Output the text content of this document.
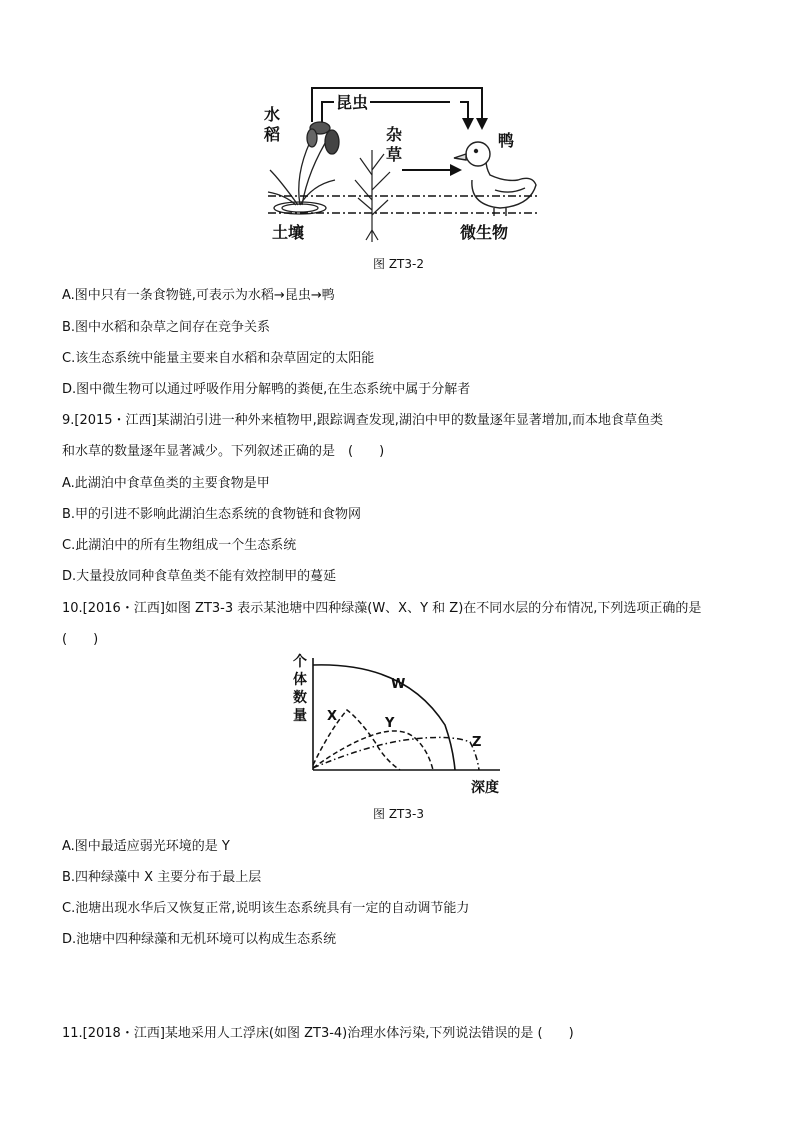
昆虫
水
稻	杂
草
鸭
土壤	微生物
图 ZT3-2
A.图中只有一条食物链,可表示为水稻→昆虫→鸭
B.图中水稻和杂草之间存在竞争关系
C.该生态系统中能量主要来自水稻和杂草固定的太阳能
D.图中微生物可以通过呼吸作用分解鸭的粪便,在生态系统中属于分解者
9.[2015・江西]某湖泊引进一种外来植物甲,跟踪调查发现,湖泊中甲的数量逐年显著增加,而本地食草鱼类
和水草的数量逐年显著减少。下列叙述正确的是　(　　)
A.此湖泊中食草鱼类的主要食物是甲
B.甲的引进不影响此湖泊生态系统的食物链和食物网
C.此湖泊中的所有生物组成一个生态系统
D.大量投放同种食草鱼类不能有效控制甲的蔓延
10.[2016・江西]如图 ZT3-3 表示某池塘中四种绿藻(W、X、Y 和 Z)在不同水层的分布情况,下列选项正确的是
(　　)
个
体
数
量
W
X	Y
Z
深度
图 ZT3-3
A.图中最适应弱光环境的是 Y
B.四种绿藻中 X 主要分布于最上层
C.池塘出现水华后又恢复正常,说明该生态系统具有一定的自动调节能力
D.池塘中四种绿藻和无机环境可以构成生态系统
11.[2018・江西]某地采用人工浮床(如图 ZT3-4)治理水体污染,下列说法错误的是 (　　)
